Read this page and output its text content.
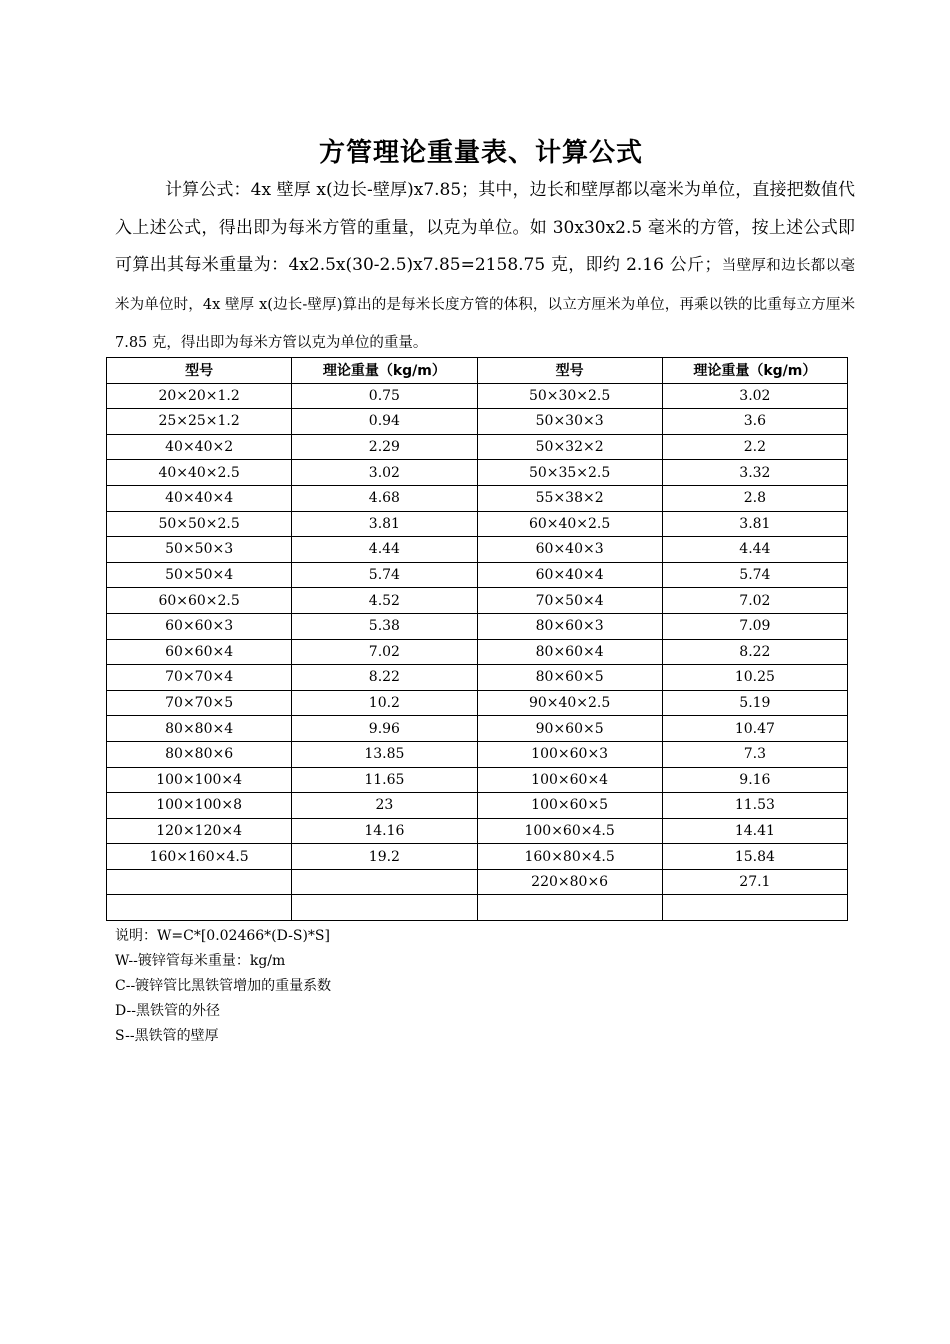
方管理论重量表、计算公式

计算公式：4x 壁厚 x(边长-壁厚)x7.85；其中，边长和壁厚都以毫米为单位，直接把数值代入上述公式，得出即为每米方管的重量，以克为单位。如 30x30x2.5 毫米的方管，按上述公式即可算出其每米重量为：4x2.5x(30-2.5)x7.85=2158.75 克，即约 2.16 公斤；当壁厚和边长都以毫米为单位时，4x 壁厚 x(边长-壁厚)算出的是每米长度方管的体积，以立方厘米为单位，再乘以铁的比重每立方厘米 7.85 克，得出即为每米方管以克为单位的重量。

型号	理论重量（kg/m）	型号	理论重量（kg/m）
20×20×1.2	0.75	50×30×2.5	3.02
25×25×1.2	0.94	50×30×3	3.6
40×40×2	2.29	50×32×2	2.2
40×40×2.5	3.02	50×35×2.5	3.32
40×40×4	4.68	55×38×2	2.8
50×50×2.5	3.81	60×40×2.5	3.81
50×50×3	4.44	60×40×3	4.44
50×50×4	5.74	60×40×4	5.74
60×60×2.5	4.52	70×50×4	7.02
60×60×3	5.38	80×60×3	7.09
60×60×4	7.02	80×60×4	8.22
70×70×4	8.22	80×60×5	10.25
70×70×5	10.2	90×40×2.5	5.19
80×80×4	9.96	90×60×5	10.47
80×80×6	13.85	100×60×3	7.3
100×100×4	11.65	100×60×4	9.16
100×100×8	23	100×60×5	11.53
120×120×4	14.16	100×60×4.5	14.41
160×160×4.5	19.2	160×80×4.5	15.84
		220×80×6	27.1

说明：W=C*[0.02466*(D-S)*S]
W--镀锌管每米重量：kg/m
C--镀锌管比黑铁管增加的重量系数
D--黑铁管的外径
S--黑铁管的壁厚
